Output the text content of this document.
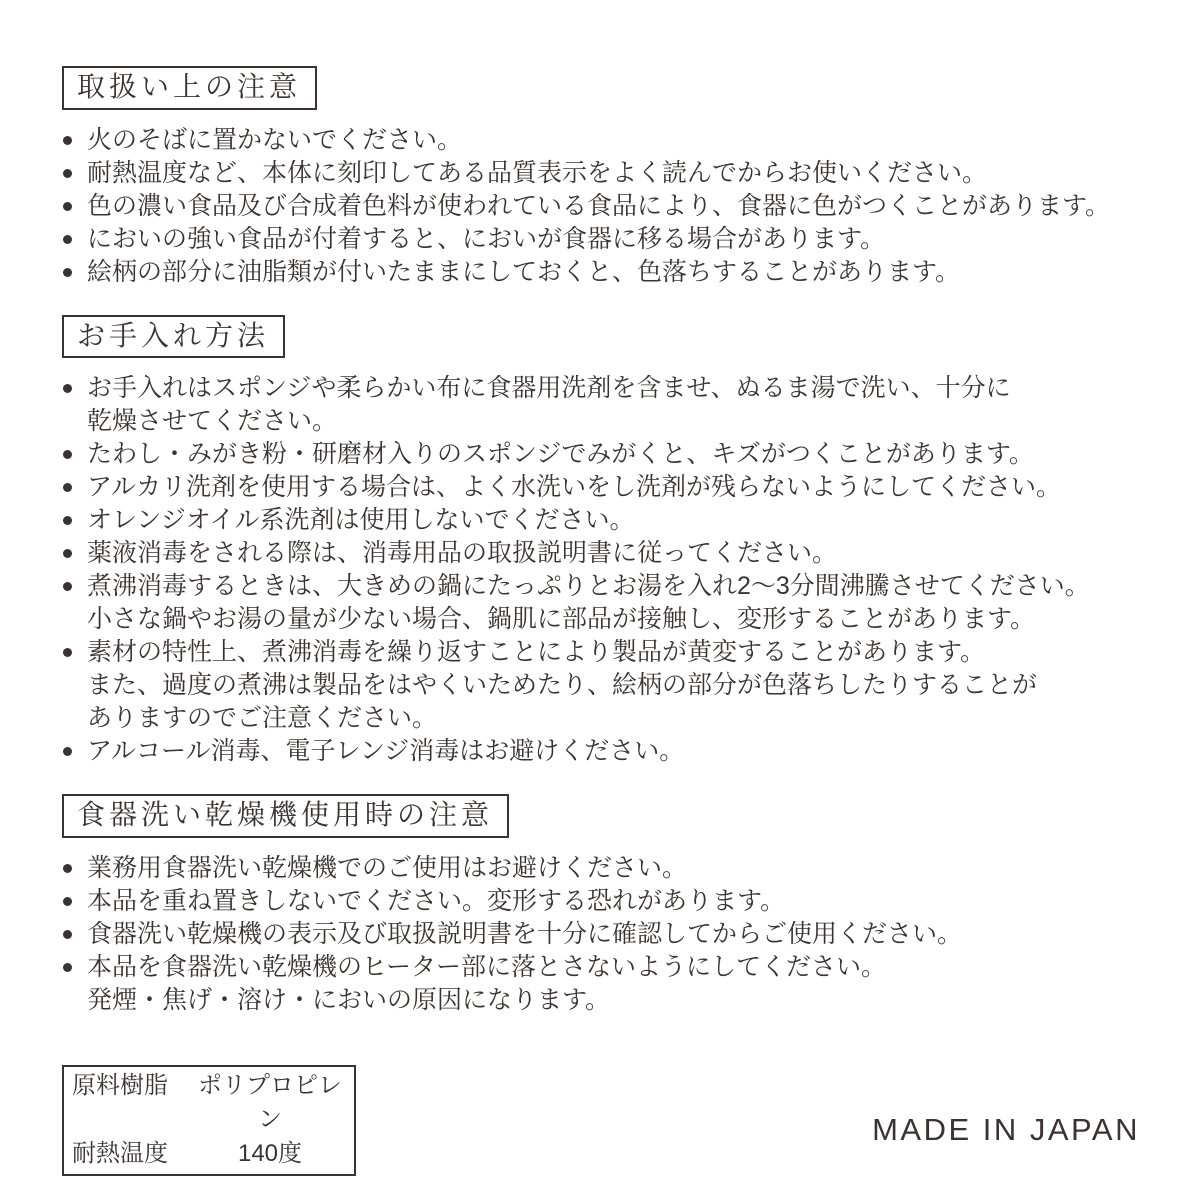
取扱い上の注意
火のそばに置かないでください。
耐熱温度など、本体に刻印してある品質表示をよく読んでからお使いください。
色の濃い食品及び合成着色料が使われている食品により、食器に色がつくことがあります。
においの強い食品が付着すると、においが食器に移る場合があります。
絵柄の部分に油脂類が付いたままにしておくと、色落ちすることがあります。
お手入れ方法
お手入れはスポンジや柔らかい布に食器用洗剤を含ませ、ぬるま湯で洗い、十分に
乾燥させてください。
たわし・みがき粉・研磨材入りのスポンジでみがくと、キズがつくことがあります。
アルカリ洗剤を使用する場合は、よく水洗いをし洗剤が残らないようにしてください。
オレンジオイル系洗剤は使用しないでください。
薬液消毒をされる際は、消毒用品の取扱説明書に従ってください。
煮沸消毒するときは、大きめの鍋にたっぷりとお湯を入れ2〜3分間沸騰させてください。
小さな鍋やお湯の量が少ない場合、鍋肌に部品が接触し、変形することがあります。
素材の特性上、煮沸消毒を繰り返すことにより製品が黄変することがあります。
また、過度の煮沸は製品をはやくいためたり、絵柄の部分が色落ちしたりすることが
ありますのでご注意ください。
アルコール消毒、電子レンジ消毒はお避けください。
食器洗い乾燥機使用時の注意
業務用食器洗い乾燥機でのご使用はお避けください。
本品を重ね置きしないでください。変形する恐れがあります。
食器洗い乾燥機の表示及び取扱説明書を十分に確認してからご使用ください。
本品を食器洗い乾燥機のヒーター部に落とさないようにしてください。
発煙・焦げ・溶け・においの原因になります。
原料樹脂	ポリプロピレン
耐熱温度	140度
MADE IN JAPAN
